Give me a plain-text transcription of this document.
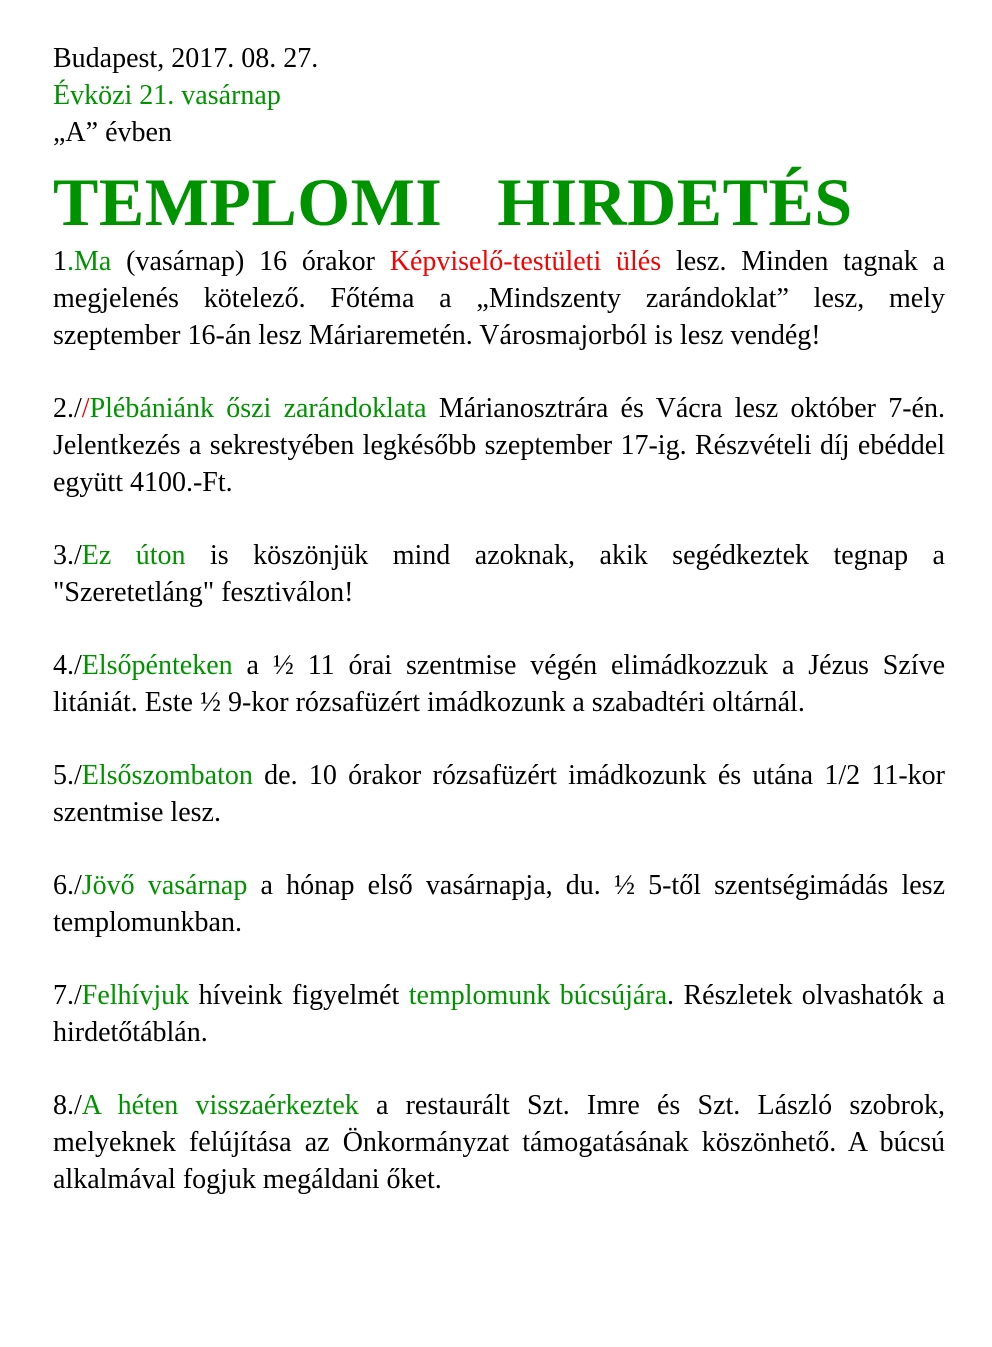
Budapest, 2017. 08. 27.

Évközi 21. vasárnap

„A” évben

TEMPLOMI HIRDETÉS

1.Ma (vasárnap) 16 órakor Képviselő-testületi ülés lesz. Minden tagnak a megjelenés kötelező. Főtéma a „Mindszenty zarándoklat” lesz, mely szeptember 16-án lesz Máriaremetén. Városmajorból is lesz vendég!

2.//Plébániánk őszi zarándoklata Márianosztrára és Vácra lesz október 7-én. Jelentkezés a sekrestyében legkésőbb szeptember 17-ig. Részvételi díj ebéddel együtt 4100.-Ft.

3./Ez úton is köszönjük mind azoknak, akik segédkeztek tegnap a "Szeretetláng" fesztiválon!

4./Elsőpénteken a ½ 11 órai szentmise végén elimádkozzuk a Jézus Szíve litániát. Este ½ 9-kor rózsafüzért imádkozunk a szabadtéri oltárnál.

5./Elsőszombaton de. 10 órakor rózsafüzért imádkozunk és utána 1/2 11-kor szentmise lesz.

6./Jövő vasárnap a hónap első vasárnapja, du. ½ 5-től szentségimádás lesz templomunkban.

7./Felhívjuk híveink figyelmét templomunk búcsújára. Részletek olvashatók a hirdetőtáblán.

8./A héten visszaérkeztek a restaurált Szt. Imre és Szt. László szobrok, melyeknek felújítása az Önkormányzat támogatásának köszönhető. A búcsú alkalmával fogjuk megáldani őket.
